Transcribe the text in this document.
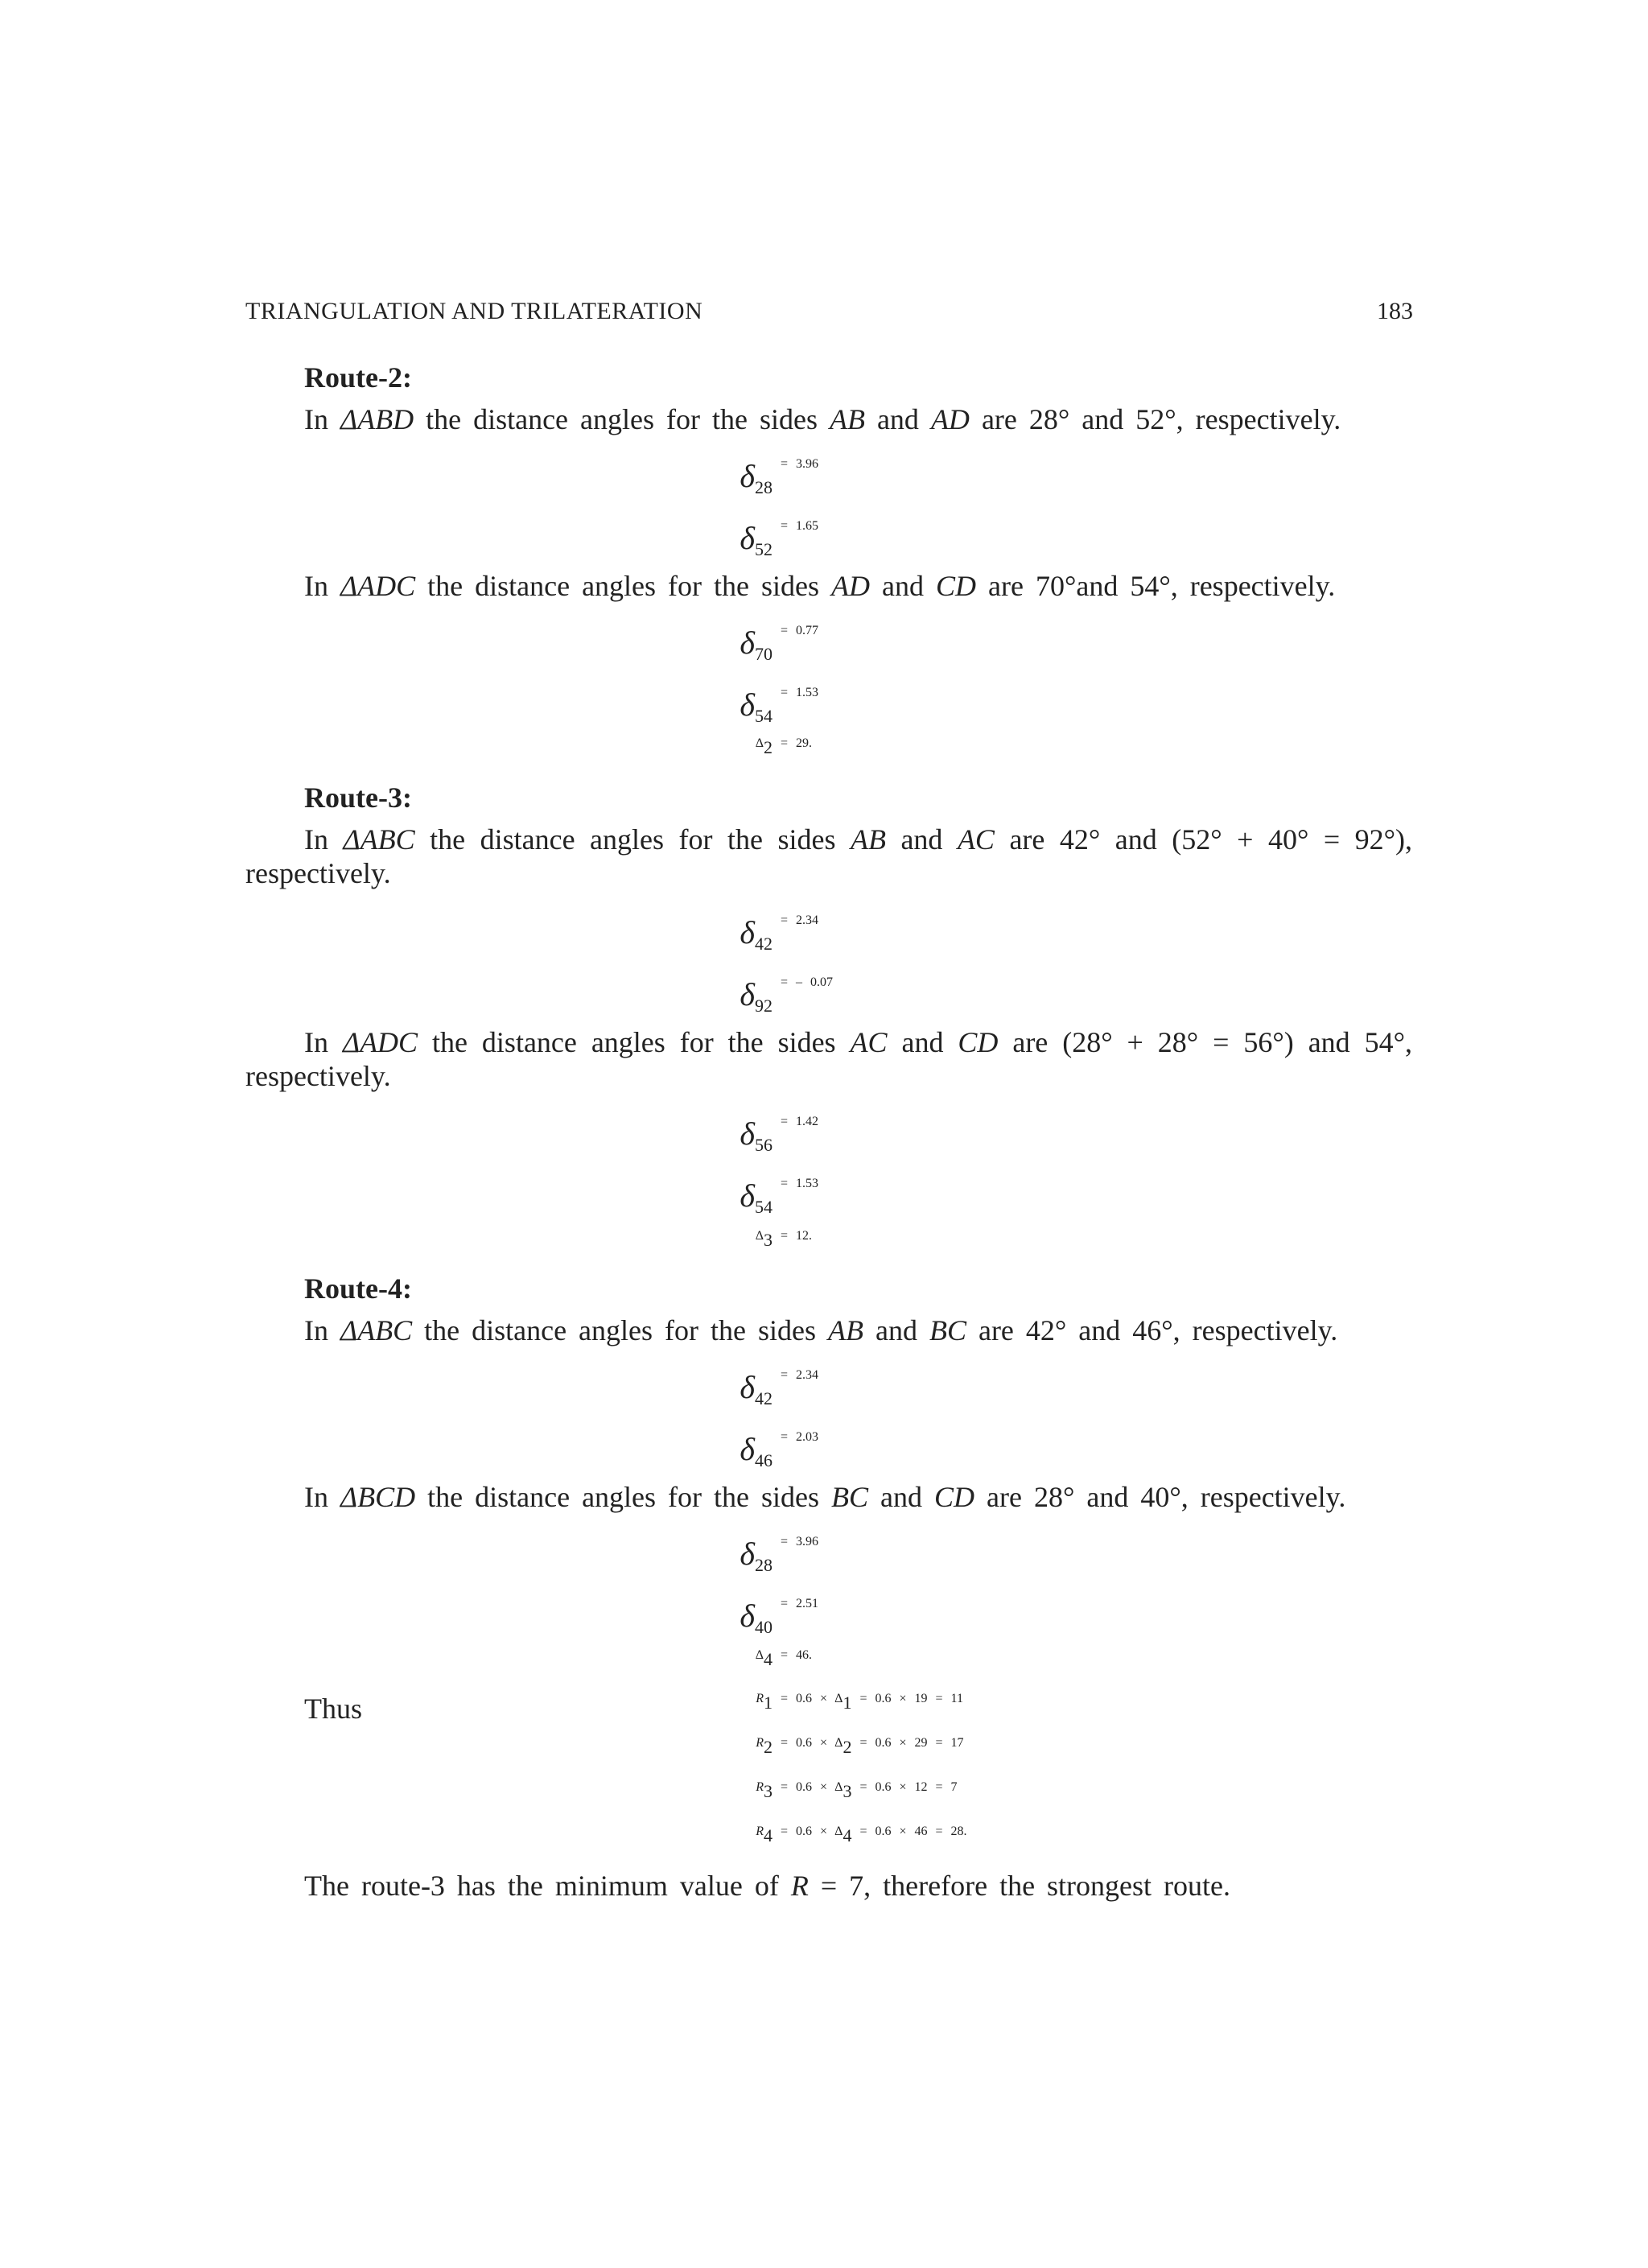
TRIANGULATION AND TRILATERATION	183
Route-2:
In ΔABD the distance angles for the sides AB and AD are 28° and 52°, respectively.
$\delta_{28}$
= 3.96
$\delta_{52}$
= 1.65
In ΔADC the distance angles for the sides AD and CD are 70°and 54°, respectively.
$\delta_{70}$
= 0.77
$\delta_{54}$
= 1.53
$\Delta_2 = 29$.
Route-3:
In ΔABC the distance angles for the sides AB and AC are 42° and (52° + 40° = 92°),
respectively.
$\delta_{42}$
= 2.34
$\delta_{92}$
= – 0.07
In ΔADC the distance angles for the sides AC and CD are (28° + 28° = 56°) and 54°,
respectively.
$\delta_{56}$
= 1.42
$\delta_{54}$
= 1.53
$\Delta_3 = 12$.
Route-4:
In ΔABC the distance angles for the sides AB and BC are 42° and 46°, respectively.
$\delta_{42}$
= 2.34
$\delta_{46}$
= 2.03
In ΔBCD the distance angles for the sides BC and CD are 28° and 40°, respectively.
$\delta_{28}$
= 3.96
$\delta_{40}$
= 2.51
$\Delta_4 = 46$.
Thus	$R_1 = 0.6 \times \Delta_1 = 0.6 \times 19 = 11$
$R_2 = 0.6 \times \Delta_2 = 0.6 \times 29 = 17$
$R_3 = 0.6 \times \Delta_3 = 0.6 \times 12 = 7$
$R_4 = 0.6 \times \Delta_4 = 0.6 \times 46 = 28$.
The route-3 has the minimum value of R = 7, therefore the strongest route.
